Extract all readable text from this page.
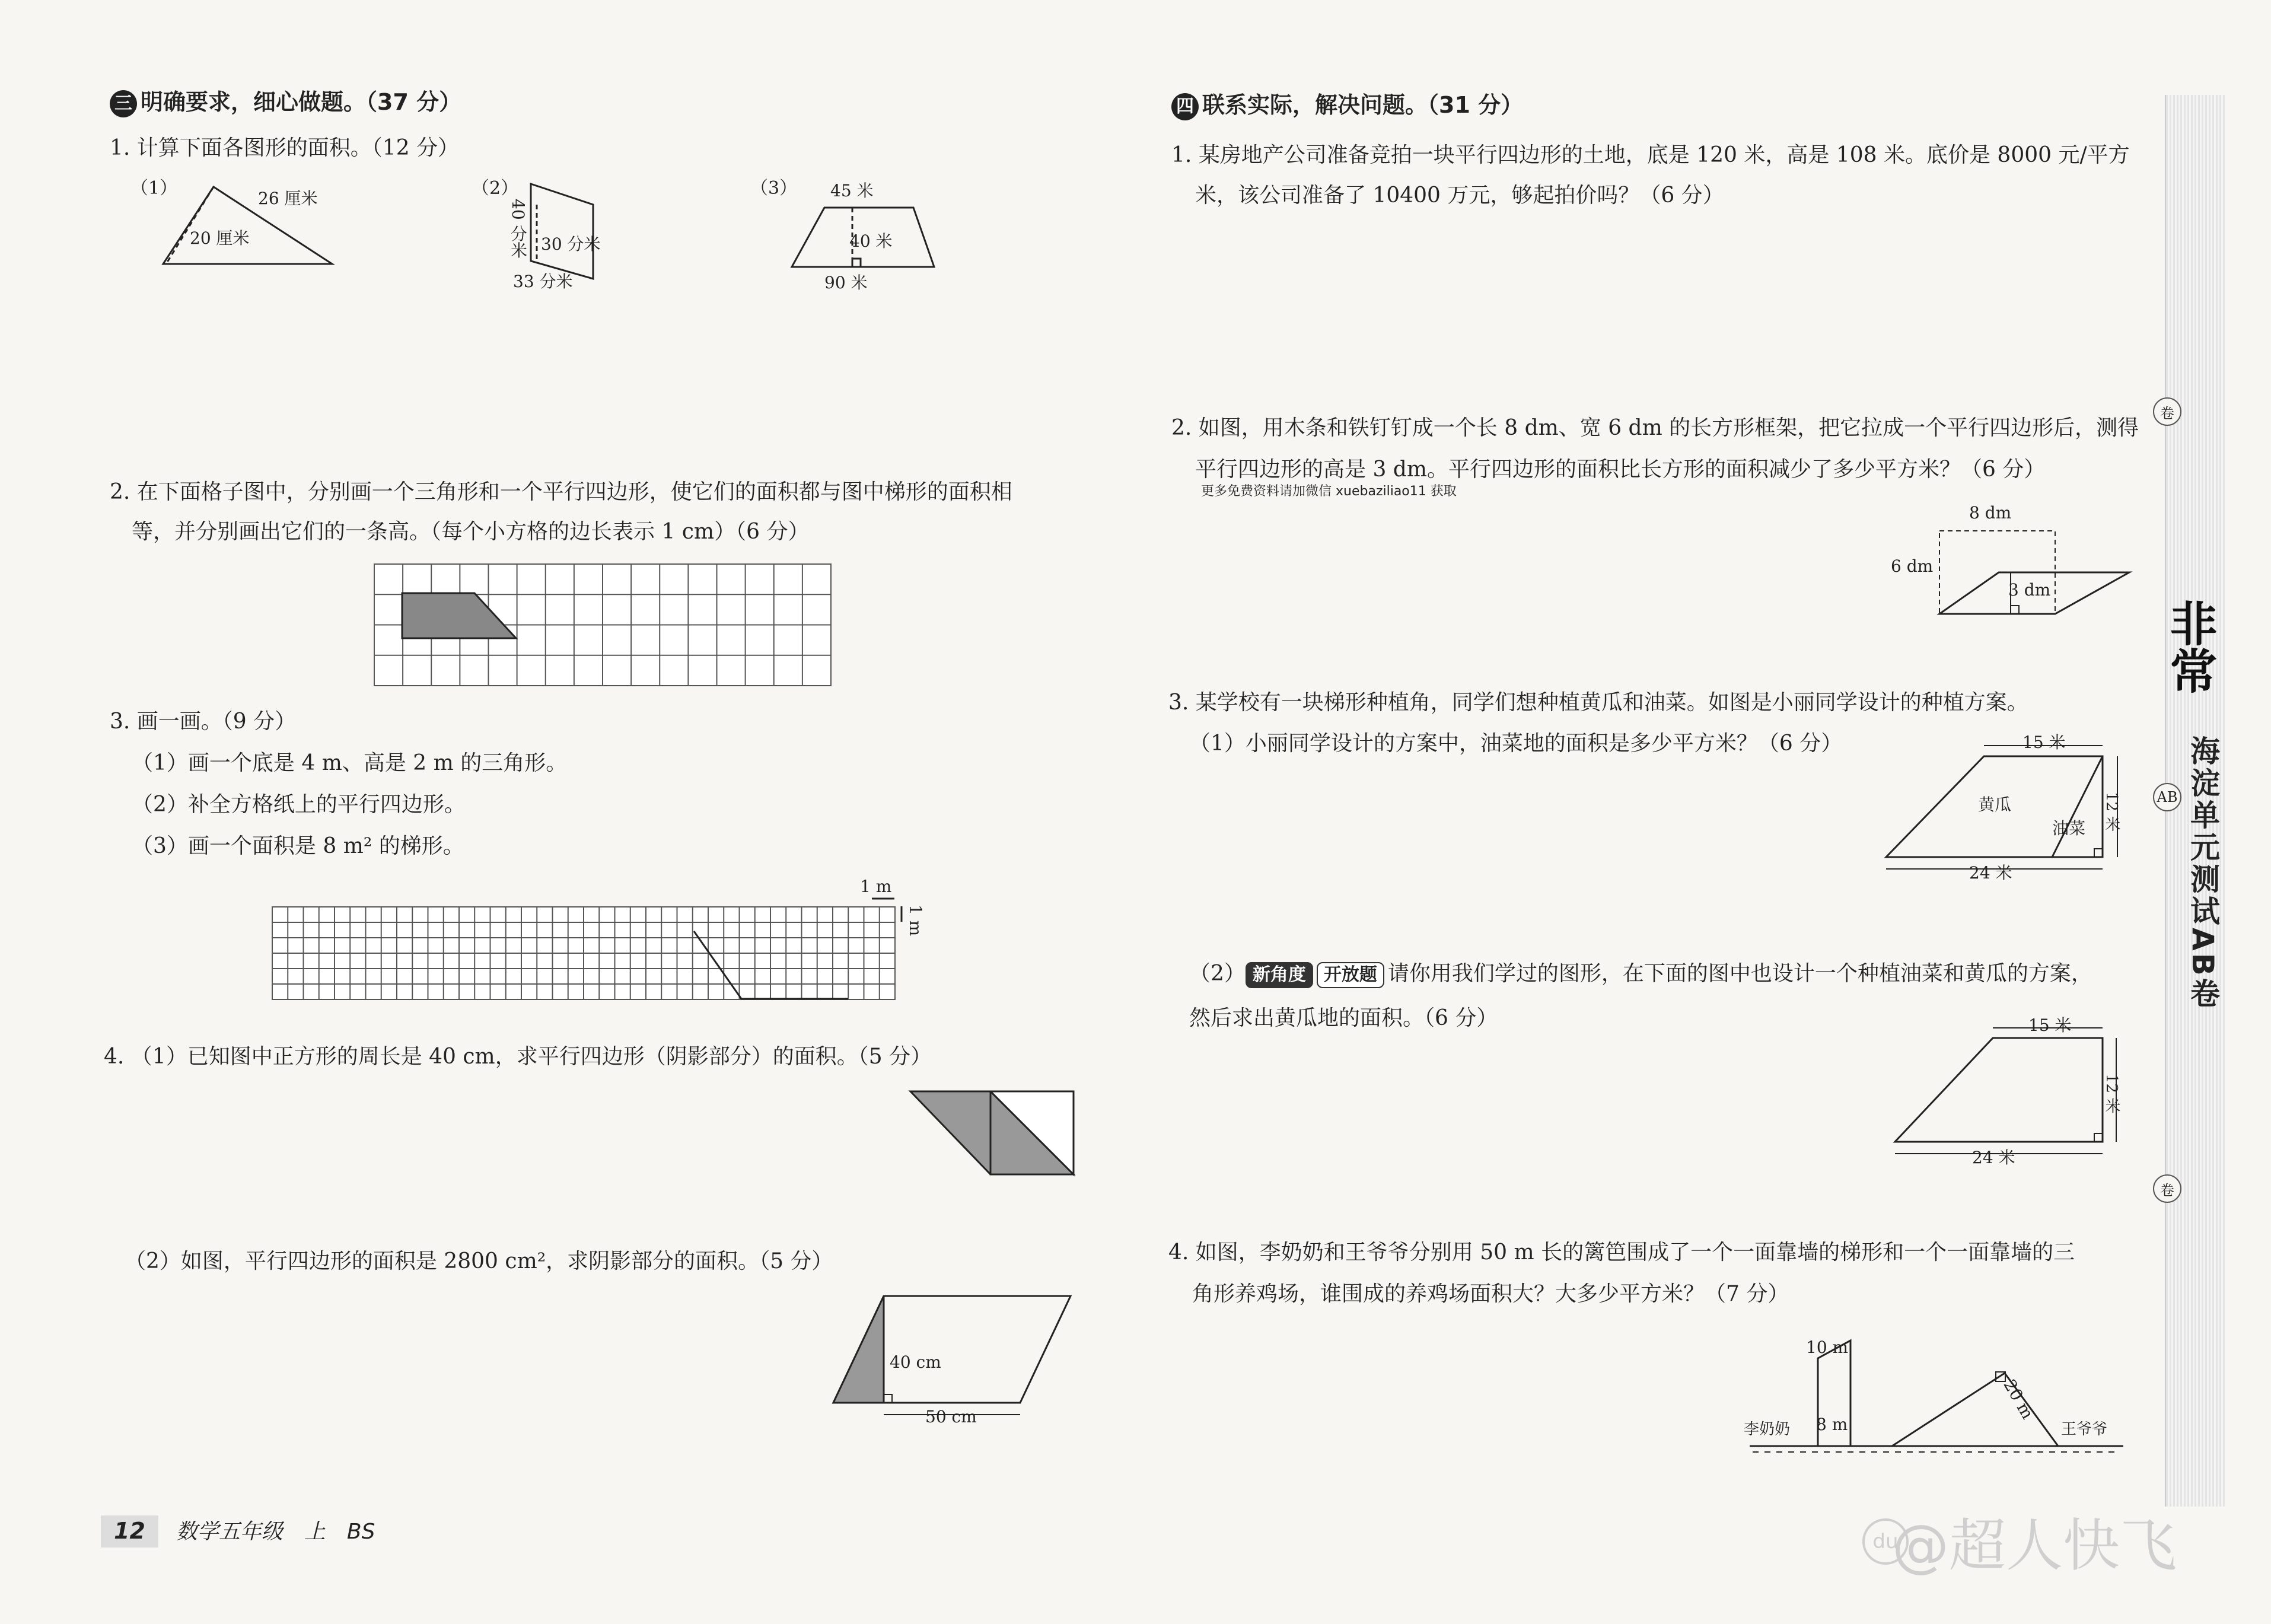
三 明确要求，细心做题。（37 分）
1. 计算下面各图形的面积。（12 分）
（1）	26 厘米
20 厘米
（2）
40 分米 30 分米
33 分米
（3） 45 米
40 米
90 米
2. 在下面格子图中，分别画一个三角形和一个平行四边形，使它们的面积都与图中梯形的面积相
等，并分别画出它们的一条高。（每个小方格的边长表示 1 cm）（6 分）
3. 画一画。（9 分）
（1）画一个底是 4 m、高是 2 m 的三角形。
（2）补全方格纸上的平行四边形。
（3）画一个面积是 8 m² 的梯形。
1 m
1 m
4. （1）已知图中正方形的周长是 40 cm，求平行四边形（阴影部分）的面积。（5 分）
（2）如图，平行四边形的面积是 2800 cm²，求阴影部分的面积。（5 分）
40 cm
50 cm
12 数学五年级　上　BS
四 联系实际，解决问题。（31 分）
1. 某房地产公司准备竞拍一块平行四边形的土地，底是 120 米，高是 108 米。底价是 8000 元/平方
米，该公司准备了 10400 万元，够起拍价吗？（6 分）
2. 如图，用木条和铁钉钉成一个长 8 dm、宽 6 dm 的长方形框架，把它拉成一个平行四边形后，测得
平行四边形的高是 3 dm。平行四边形的面积比长方形的面积减少了多少平方米？（6 分）
更多免费资料请加微信 xuebaziliao11 获取
8 dm
6 dm
3 dm
3. 某学校有一块梯形种植角，同学们想种植黄瓜和油菜。如图是小丽同学设计的种植方案。
（1）小丽同学设计的方案中，油菜地的面积是多少平方米？（6 分）	15 米
12 米
24 米
黄瓜
油菜
（2） 新角度 开放题 请你用我们学过的图形，在下面的图中也设计一个种植油菜和黄瓜的方案，
然后求出黄瓜地的面积。（6 分）	15 米
12 米
24 米
4. 如图，李奶奶和王爷爷分别用 50 m 长的篱笆围成了一个一面靠墙的梯形和一个一面靠墙的三
角形养鸡场，谁围成的养鸡场面积大？大多少平方米？（7 分）
10 m
8 m
20 m
李奶奶	王爷爷
非常
海淀单元测试AB卷
卷
AB
卷
du
@超人快飞
